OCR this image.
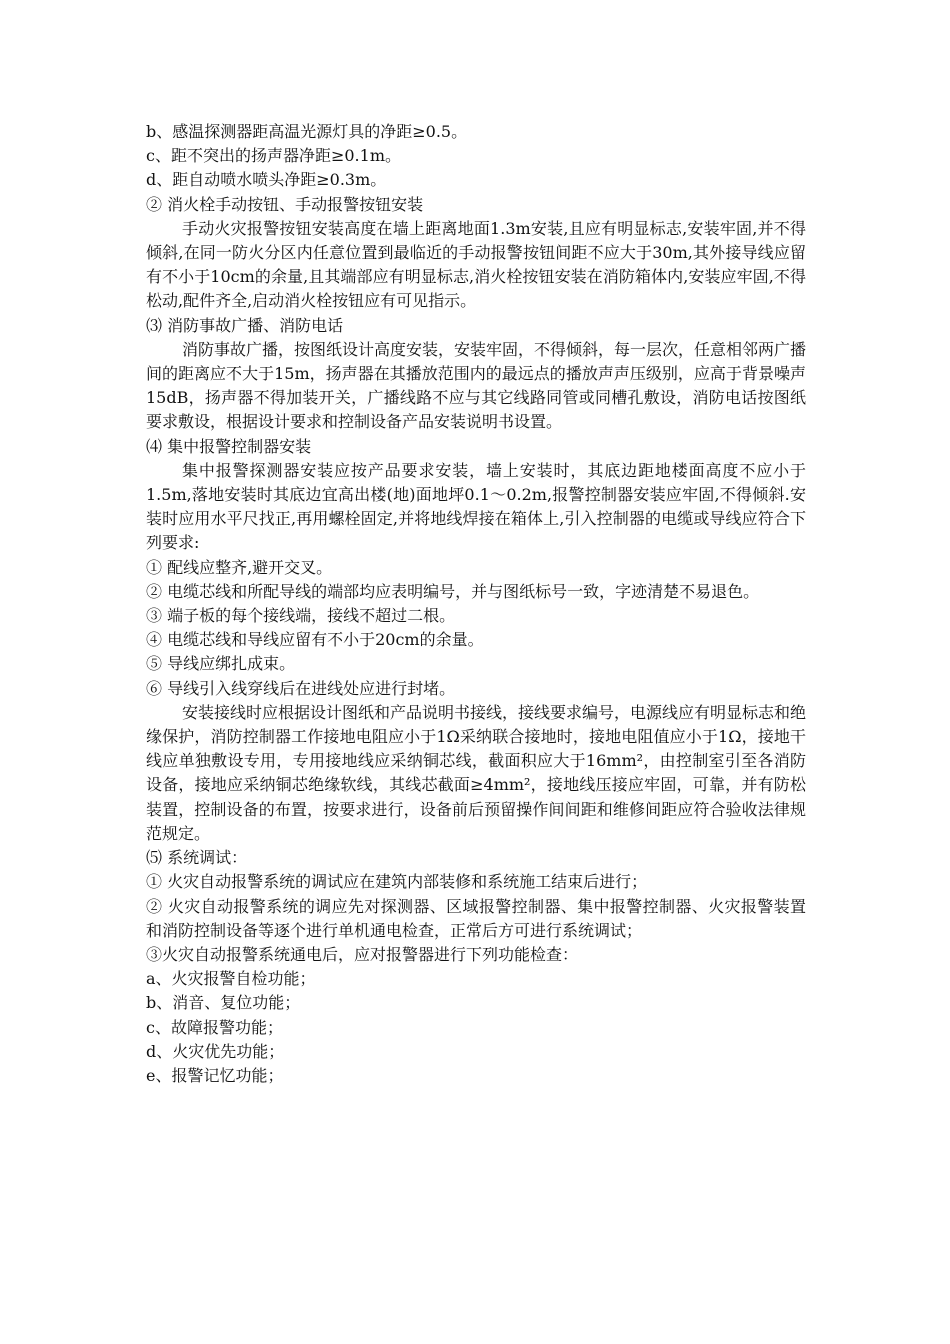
b、感温探测器距高温光源灯具的净距≥0.5。

c、距不突出的扬声器净距≥0.1m。

d、距自动喷水喷头净距≥0.3m。

② 消火栓手动按钮、手动报警按钮安装

手动火灾报警按钮安装高度在墙上距离地面1.3m安装,且应有明显标志,安装牢固,并不得倾斜,在同一防火分区内任意位置到最临近的手动报警按钮间距不应大于30m,其外接导线应留有不小于10cm的余量,且其端部应有明显标志,消火栓按钮安装在消防箱体内,安装应牢固,不得松动,配件齐全,启动消火栓按钮应有可见指示。

⑶ 消防事故广播、消防电话

消防事故广播，按图纸设计高度安装，安装牢固，不得倾斜，每一层次，任意相邻两广播间的距离应不大于15m，扬声器在其播放范围内的最远点的播放声声压级别，应高于背景噪声15dB，扬声器不得加装开关，广播线路不应与其它线路同管或同槽孔敷设，消防电话按图纸要求敷设，根据设计要求和控制设备产品安装说明书设置。

⑷ 集中报警控制器安装

集中报警探测器安装应按产品要求安装，墙上安装时，其底边距地楼面高度不应小于1.5m,落地安装时其底边宜高出楼(地)面地坪0.1～0.2m,报警控制器安装应牢固,不得倾斜.安装时应用水平尺找正,再用螺栓固定,并将地线焊接在箱体上,引入控制器的电缆或导线应符合下列要求:

① 配线应整齐,避开交叉。

② 电缆芯线和所配导线的端部均应表明编号，并与图纸标号一致，字迹清楚不易退色。

③ 端子板的每个接线端，接线不超过二根。

④ 电缆芯线和导线应留有不小于20cm的余量。

⑤ 导线应绑扎成束。

⑥ 导线引入线穿线后在进线处应进行封堵。

安装接线时应根据设计图纸和产品说明书接线，接线要求编号，电源线应有明显标志和绝缘保护，消防控制器工作接地电阻应小于1Ω采纳联合接地时，接地电阻值应小于1Ω，接地干线应单独敷设专用，专用接地线应采纳铜芯线，截面积应大于16mm²，由控制室引至各消防设备，接地应采纳铜芯绝缘软线，其线芯截面≥4mm²，接地线压接应牢固，可靠，并有防松装置，控制设备的布置，按要求进行，设备前后预留操作间间距和维修间距应符合验收法律规范规定。

⑸ 系统调试：

① 火灾自动报警系统的调试应在建筑内部装修和系统施工结束后进行；

② 火灾自动报警系统的调应先对探测器、区域报警控制器、集中报警控制器、火灾报警装置和消防控制设备等逐个进行单机通电检查，正常后方可进行系统调试；

③火灾自动报警系统通电后，应对报警器进行下列功能检查：

a、火灾报警自检功能；

b、消音、复位功能；

c、故障报警功能；

d、火灾优先功能；

e、报警记忆功能；
